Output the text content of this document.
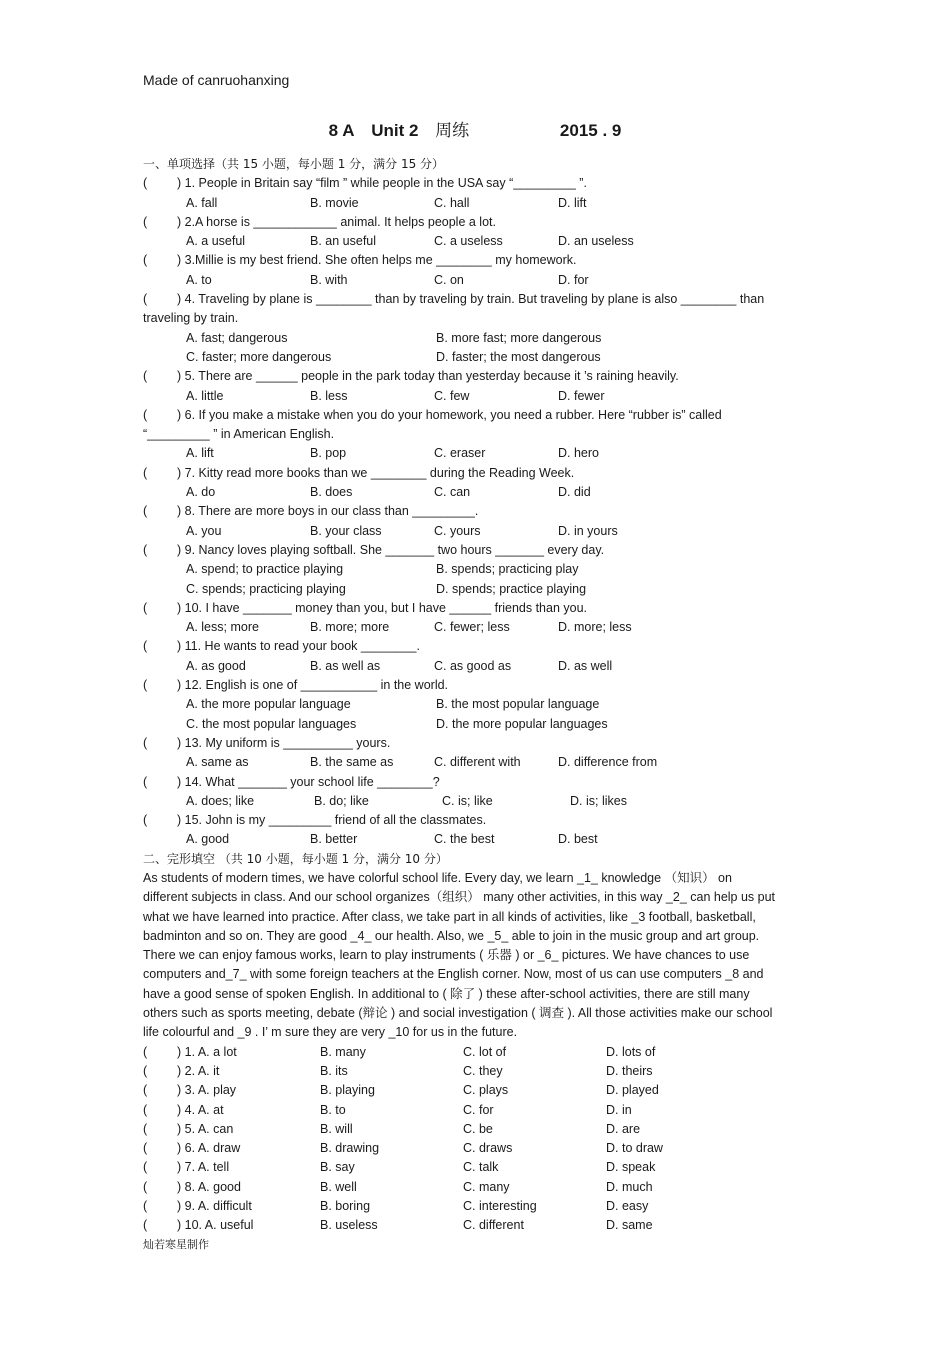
Made of canruohanxing
8 A Unit 2 周练	2015 . 9
一、单项选择（共 15 小题，每小题 1 分，满分 15 分）
(	) 1. People in Britain say “film ” while people in the USA say “_________ ”.
A. fall	B. movie	C. hall	D. lift
(	) 2.A horse is ____________ animal. It helps people a lot.
A. a useful	B. an useful	C. a useless	D. an useless
(	) 3.Millie is my best friend. She often helps me ________ my homework.
A. to	B. with	C. on	D. for
(	) 4. Traveling by plane is ________ than by traveling by train. But traveling by plane is also ________ than
traveling by train.
A. fast; dangerous	B. more fast; more dangerous
C. faster; more dangerous	D. faster; the most dangerous
(	) 5. There are ______ people in the park today than yesterday because it ’s raining heavily.
A. little	B. less	C. few	D. fewer
(	) 6. If you make a mistake when you do your homework, you need a rubber. Here “rubber is” called
“_________ ” in American English.
A. lift	B. pop	C. eraser	D. hero
(	) 7. Kitty read more books than we ________ during the Reading Week.
A. do	B. does	C. can	D. did
(	) 8. There are more boys in our class than _________.
A. you	B. your class	C. yours	D. in yours
(	) 9. Nancy loves playing softball. She _______ two hours _______ every day.
A. spend; to practice playing	B. spends; practicing play
C. spends; practicing playing	D. spends; practice playing
(	) 10. I have _______ money than you, but I have ______ friends than you.
A. less; more	B. more; more	C. fewer; less	D. more; less
(	) 11. He wants to read your book ________.
A. as good	B. as well as	C. as good as	D. as well
(	) 12. English is one of ___________ in the world.
A. the more popular language	B. the most popular language
C. the most popular languages	D. the more popular languages
(	) 13. My uniform is __________ yours.
A. same as	B. the same as	C. different with	D. difference from
(	) 14. What _______ your school life ________?
A. does; like	B. do; like	C. is; like	D. is; likes
(	) 15. John is my _________ friend of all the classmates.
A. good	B. better	C. the best	D. best
二、完形填空 （共 10 小题，每小题 1 分，满分 10 分）
As students of modern times, we have colorful school life. Every day, we learn _1_ knowledge （知识） on
different subjects in class. And our school organizes（组织） many other activities, in this way _2_ can help us put
what we have learned into practice. After class, we take part in all kinds of activities, like _3 football, basketball,
badminton and so on. They are good _4_ our health. Also, we _5_ able to join in the music group and art group.
There we can enjoy famous works, learn to play instruments ( 乐器 ) or _6_ pictures. We have chances to use
computers and_7_ with some foreign teachers at the English corner. Now, most of us can use computers _8 and
have a good sense of spoken English. In additional to ( 除了 ) these after-school activities, there are still many
others such as sports meeting, debate (辩论 ) and social investigation ( 调查 ). All those activities make our school
life colourful and _9 . I’ m sure they are very _10 for us in the future.
(	) 1. A. a lot	B. many	C. lot of	D. lots of
(	) 2. A. it	B. its	C. they	D. theirs
(	) 3. A. play	B. playing	C. plays	D. played
(	) 4. A. at	B. to	C. for	D. in
(	) 5. A. can	B. will	C. be	D. are
(	) 6. A. draw	B. drawing	C. draws	D. to draw
(	) 7. A. tell	B. say	C. talk	D. speak
(	) 8. A. good	B. well	C. many	D. much
(	) 9. A. difficult	B. boring	C. interesting	D. easy
(	) 10. A. useful	B. useless	C. different	D. same
灿若寒星制作
